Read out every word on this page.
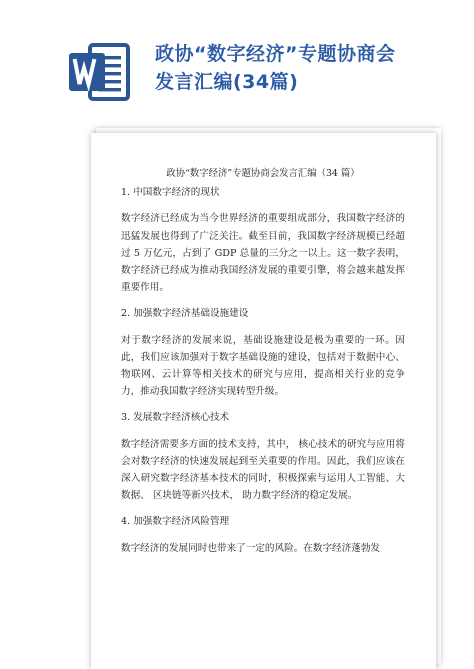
政协“数字经济”专题协商会
发言汇编(34篇)
政协“数字经济”专题协商会发言汇编（34 篇）
1. 中国数字经济的现状
数字经济已经成为当今世界经济的重要组成部分，我国数字经济的迅猛发展也得到了广泛关注。截至目前，我国数字经济规模已经超过 5 万亿元，占到了 GDP 总量的三分之一以上。这一数字表明，数字经济已经成为推动我国经济发展的重要引擎，将会越来越发挥重要作用。
2. 加强数字经济基础设施建设
对于数字经济的发展来说，基础设施建设是极为重要的一环。因此，我们应该加强对于数字基础设施的建设，包括对于数据中心、物联网、云计算等相关技术的研究与应用，提高相关行业的竞争力，推动我国数字经济实现转型升级。
3. 发展数字经济核心技术
数字经济需要多方面的技术支持，其中， 核心技术的研究与应用将会对数字经济的快速发展起到至关重要的作用。因此，我们应该在深入研究数字经济基本技术的同时，积极探索与运用人工智能、大数据、 区块链等新兴技术， 助力数字经济的稳定发展。
4. 加强数字经济风险管理
数字经济的发展同时也带来了一定的风险。在数字经济蓬勃发
